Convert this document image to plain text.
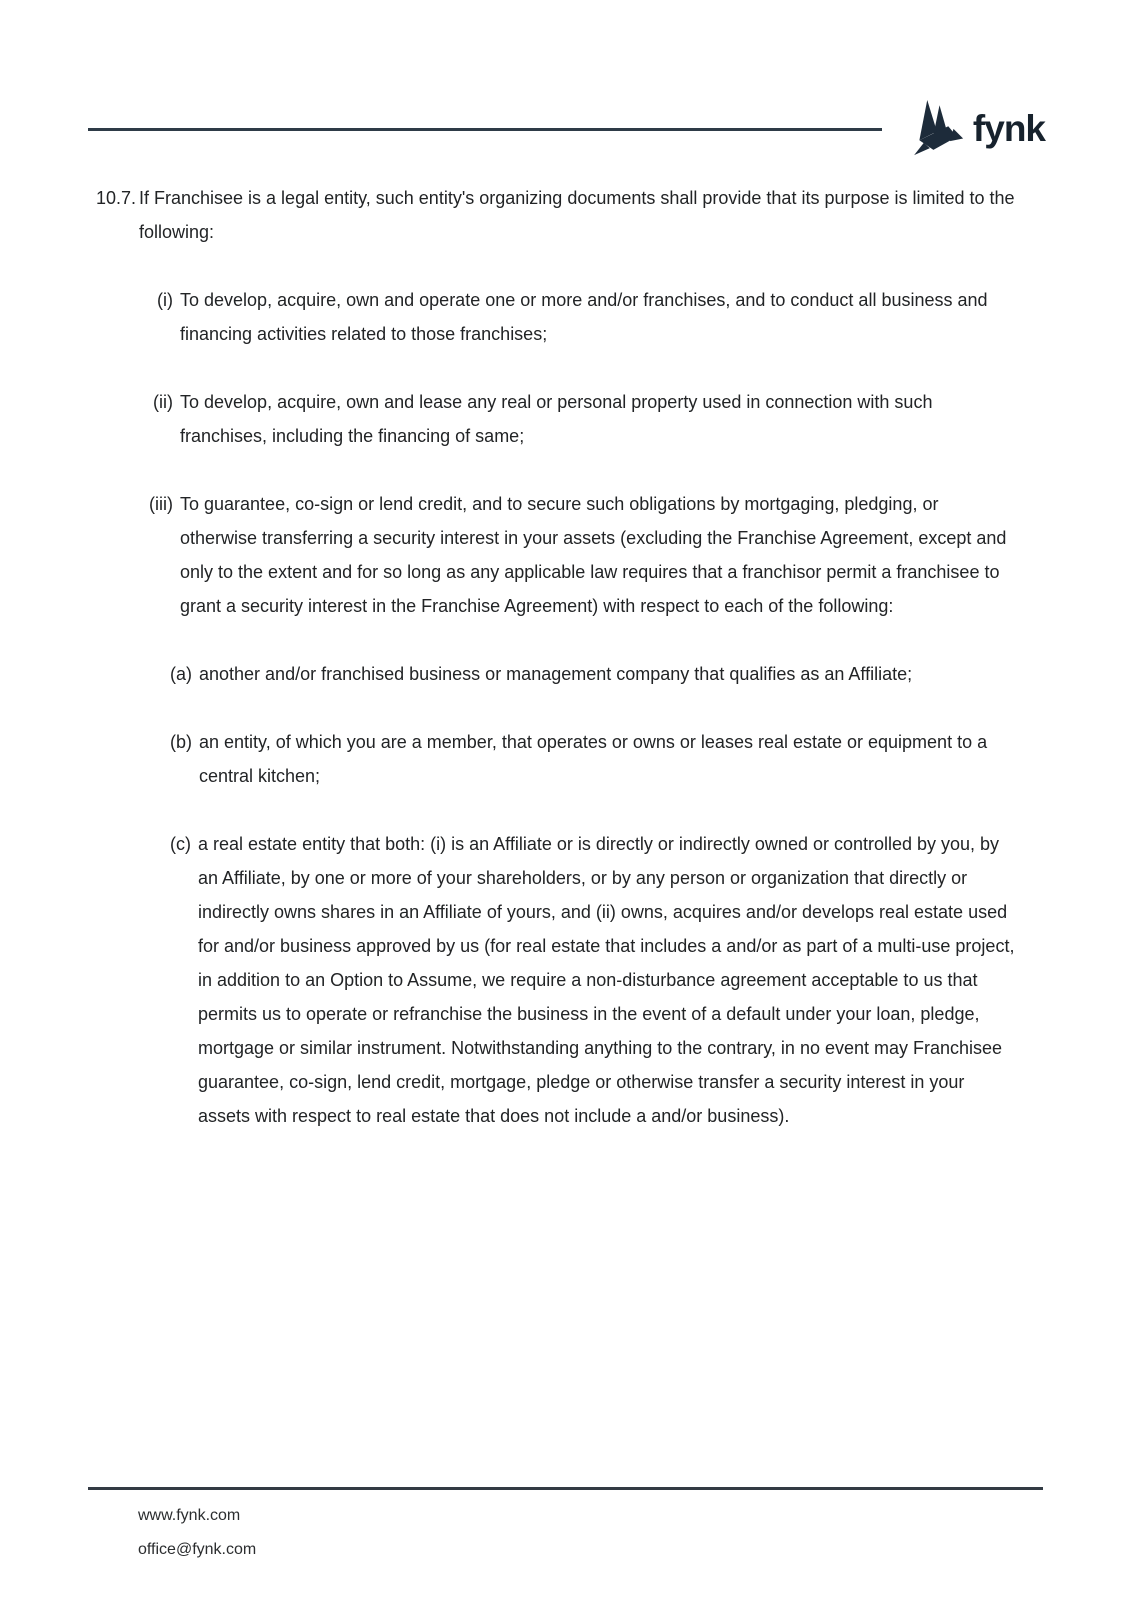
fynk
10.7. If Franchisee is a legal entity, such entity's organizing documents shall provide that its purpose is limited to the following:
(i) To develop, acquire, own and operate one or more and/or franchises, and to conduct all business and financing activities related to those franchises;
(ii) To develop, acquire, own and lease any real or personal property used in connection with such franchises, including the financing of same;
(iii) To guarantee, co-sign or lend credit, and to secure such obligations by mortgaging, pledging, or otherwise transferring a security interest in your assets (excluding the Franchise Agreement, except and only to the extent and for so long as any applicable law requires that a franchisor permit a franchisee to grant a security interest in the Franchise Agreement) with respect to each of the following:
(a) another and/or franchised business or management company that qualifies as an Affiliate;
(b) an entity, of which you are a member, that operates or owns or leases real estate or equipment to a central kitchen;
(c) a real estate entity that both: (i) is an Affiliate or is directly or indirectly owned or controlled by you, by an Affiliate, by one or more of your shareholders, or by any person or organization that directly or indirectly owns shares in an Affiliate of yours, and (ii) owns, acquires and/or develops real estate used for and/or business approved by us (for real estate that includes a and/or as part of a multi-use project, in addition to an Option to Assume, we require a non-disturbance agreement acceptable to us that permits us to operate or refranchise the business in the event of a default under your loan, pledge, mortgage or similar instrument. Notwithstanding anything to the contrary, in no event may Franchisee guarantee, co-sign, lend credit, mortgage, pledge or otherwise transfer a security interest in your assets with respect to real estate that does not include a and/or business).
www.fynk.com
office@fynk.com
